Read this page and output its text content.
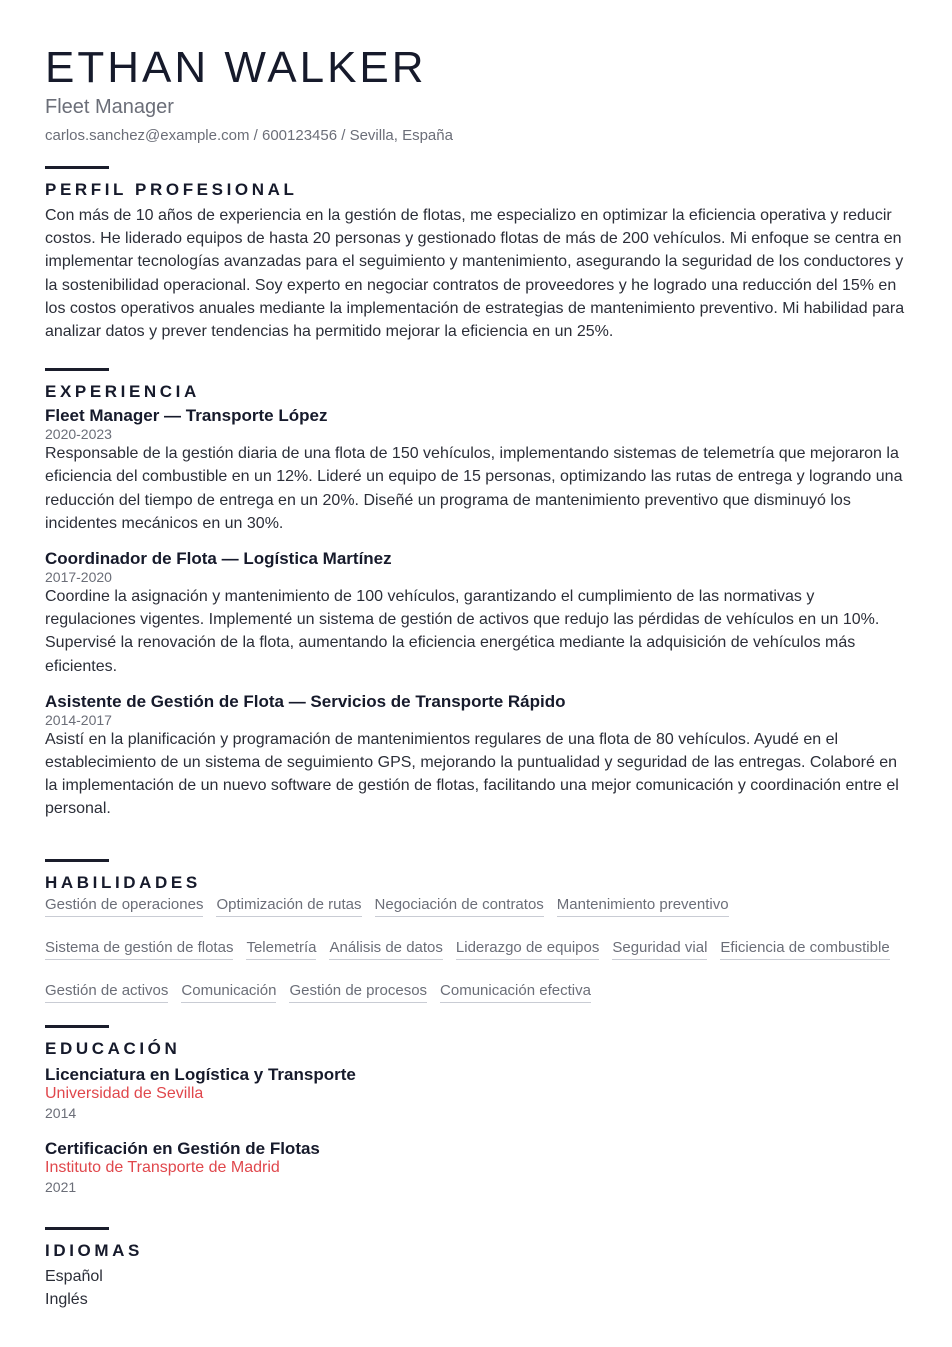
ETHAN WALKER
Fleet Manager
carlos.sanchez@example.com / 600123456 / Sevilla, España
PERFIL PROFESIONAL

Con más de 10 años de experiencia en la gestión de flotas, me especializo en optimizar la eficiencia operativa y reducir costos. He liderado equipos de hasta 20 personas y gestionado flotas de más de 200 vehículos. Mi enfoque se centra en implementar tecnologías avanzadas para el seguimiento y mantenimiento, asegurando la seguridad de los conductores y la sostenibilidad operacional. Soy experto en negociar contratos de proveedores y he logrado una reducción del 15% en los costos operativos anuales mediante la implementación de estrategias de mantenimiento preventivo. Mi habilidad para analizar datos y prever tendencias ha permitido mejorar la eficiencia en un 25%.

EXPERIENCIA
Fleet Manager — Transporte López
2020-2023
Responsable de la gestión diaria de una flota de 150 vehículos, implementando sistemas de telemetría que mejoraron la eficiencia del combustible en un 12%. Lideré un equipo de 15 personas, optimizando las rutas de entrega y logrando una reducción del tiempo de entrega en un 20%. Diseñé un programa de mantenimiento preventivo que disminuyó los incidentes mecánicos en un 30%.
Coordinador de Flota — Logística Martínez
2017-2020
Coordine la asignación y mantenimiento de 100 vehículos, garantizando el cumplimiento de las normativas y regulaciones vigentes. Implementé un sistema de gestión de activos que redujo las pérdidas de vehículos en un 10%. Supervisé la renovación de la flota, aumentando la eficiencia energética mediante la adquisición de vehículos más eficientes.
Asistente de Gestión de Flota — Servicios de Transporte Rápido
2014-2017
Asistí en la planificación y programación de mantenimientos regulares de una flota de 80 vehículos. Ayudé en el establecimiento de un sistema de seguimiento GPS, mejorando la puntualidad y seguridad de las entregas. Colaboré en la implementación de un nuevo software de gestión de flotas, facilitando una mejor comunicación y coordinación entre el personal.
HABILIDADES
Gestión de operaciones Optimización de rutas Negociación de contratos Mantenimiento preventivo
Sistema de gestión de flotas Telemetría Análisis de datos Liderazgo de equipos Seguridad vial Eficiencia de combustible
Gestión de activos Comunicación Gestión de procesos Comunicación efectiva
EDUCACIÓN
Licenciatura en Logística y Transporte
Universidad de Sevilla
2014
Certificación en Gestión de Flotas
Instituto de Transporte de Madrid
2021
IDIOMAS
Español
Inglés
